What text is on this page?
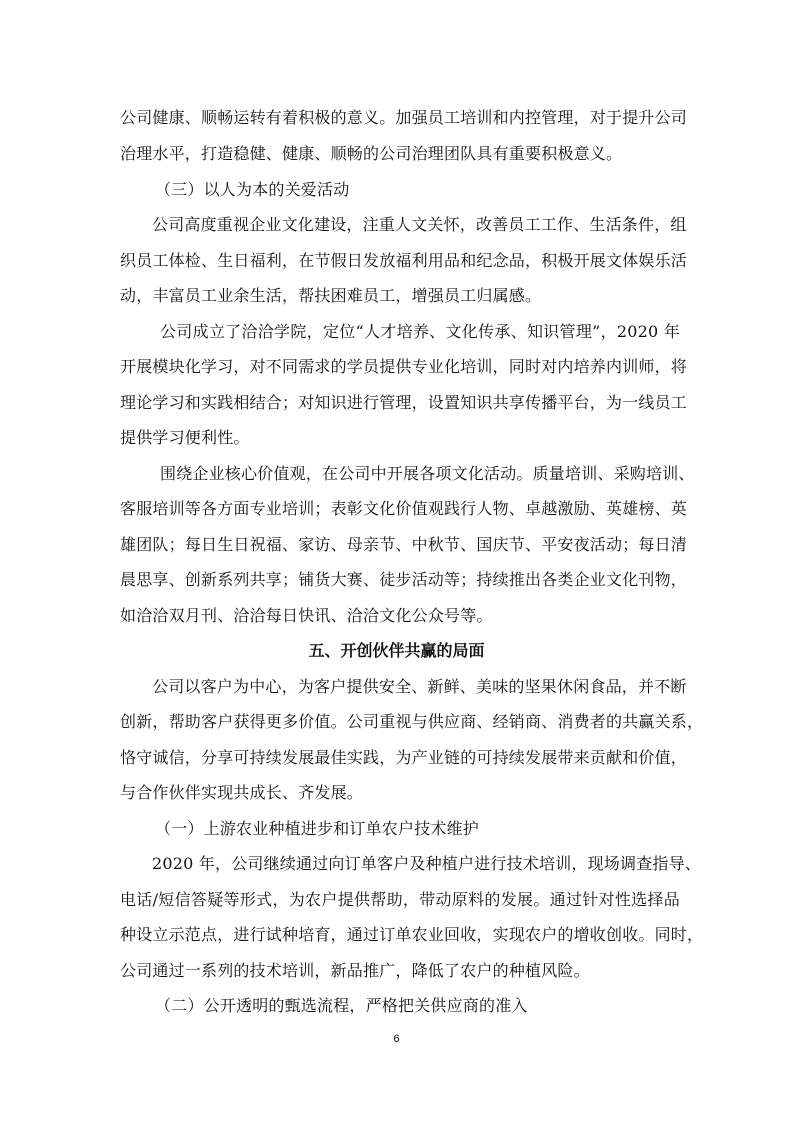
公司健康、顺畅运转有着积极的意义。加强员工培训和内控管理，对于提升公司
治理水平，打造稳健、健康、顺畅的公司治理团队具有重要积极意义。
（三）以人为本的关爱活动
公司高度重视企业文化建设，注重人文关怀，改善员工工作、生活条件，组
织员工体检、生日福利，在节假日发放福利用品和纪念品，积极开展文体娱乐活
动，丰富员工业余生活，帮扶困难员工，增强员工归属感。
公司成立了洽洽学院，定位“人才培养、文化传承、知识管理”，2020 年
开展模块化学习，对不同需求的学员提供专业化培训，同时对内培养内训师，将
理论学习和实践相结合；对知识进行管理，设置知识共享传播平台，为一线员工
提供学习便利性。
围绕企业核心价值观，在公司中开展各项文化活动。质量培训、采购培训、
客服培训等各方面专业培训；表彰文化价值观践行人物、卓越激励、英雄榜、英
雄团队；每日生日祝福、家访、母亲节、中秋节、国庆节、平安夜活动；每日清
晨思享、创新系列共享；铺货大赛、徒步活动等；持续推出各类企业文化刊物，
如洽洽双月刊、洽洽每日快讯、洽洽文化公众号等。
五、开创伙伴共赢的局面
公司以客户为中心，为客户提供安全、新鲜、美味的坚果休闲食品，并不断
创新，帮助客户获得更多价值。公司重视与供应商、经销商、消费者的共赢关系，
恪守诚信，分享可持续发展最佳实践，为产业链的可持续发展带来贡献和价值，
与合作伙伴实现共成长、齐发展。
（一）上游农业种植进步和订单农户技术维护
2020 年，公司继续通过向订单客户及种植户进行技术培训，现场调查指导、
电话/短信答疑等形式，为农户提供帮助，带动原料的发展。通过针对性选择品
种设立示范点，进行试种培育，通过订单农业回收，实现农户的增收创收。同时，
公司通过一系列的技术培训，新品推广，降低了农户的种植风险。
（二）公开透明的甄选流程，严格把关供应商的准入
6
